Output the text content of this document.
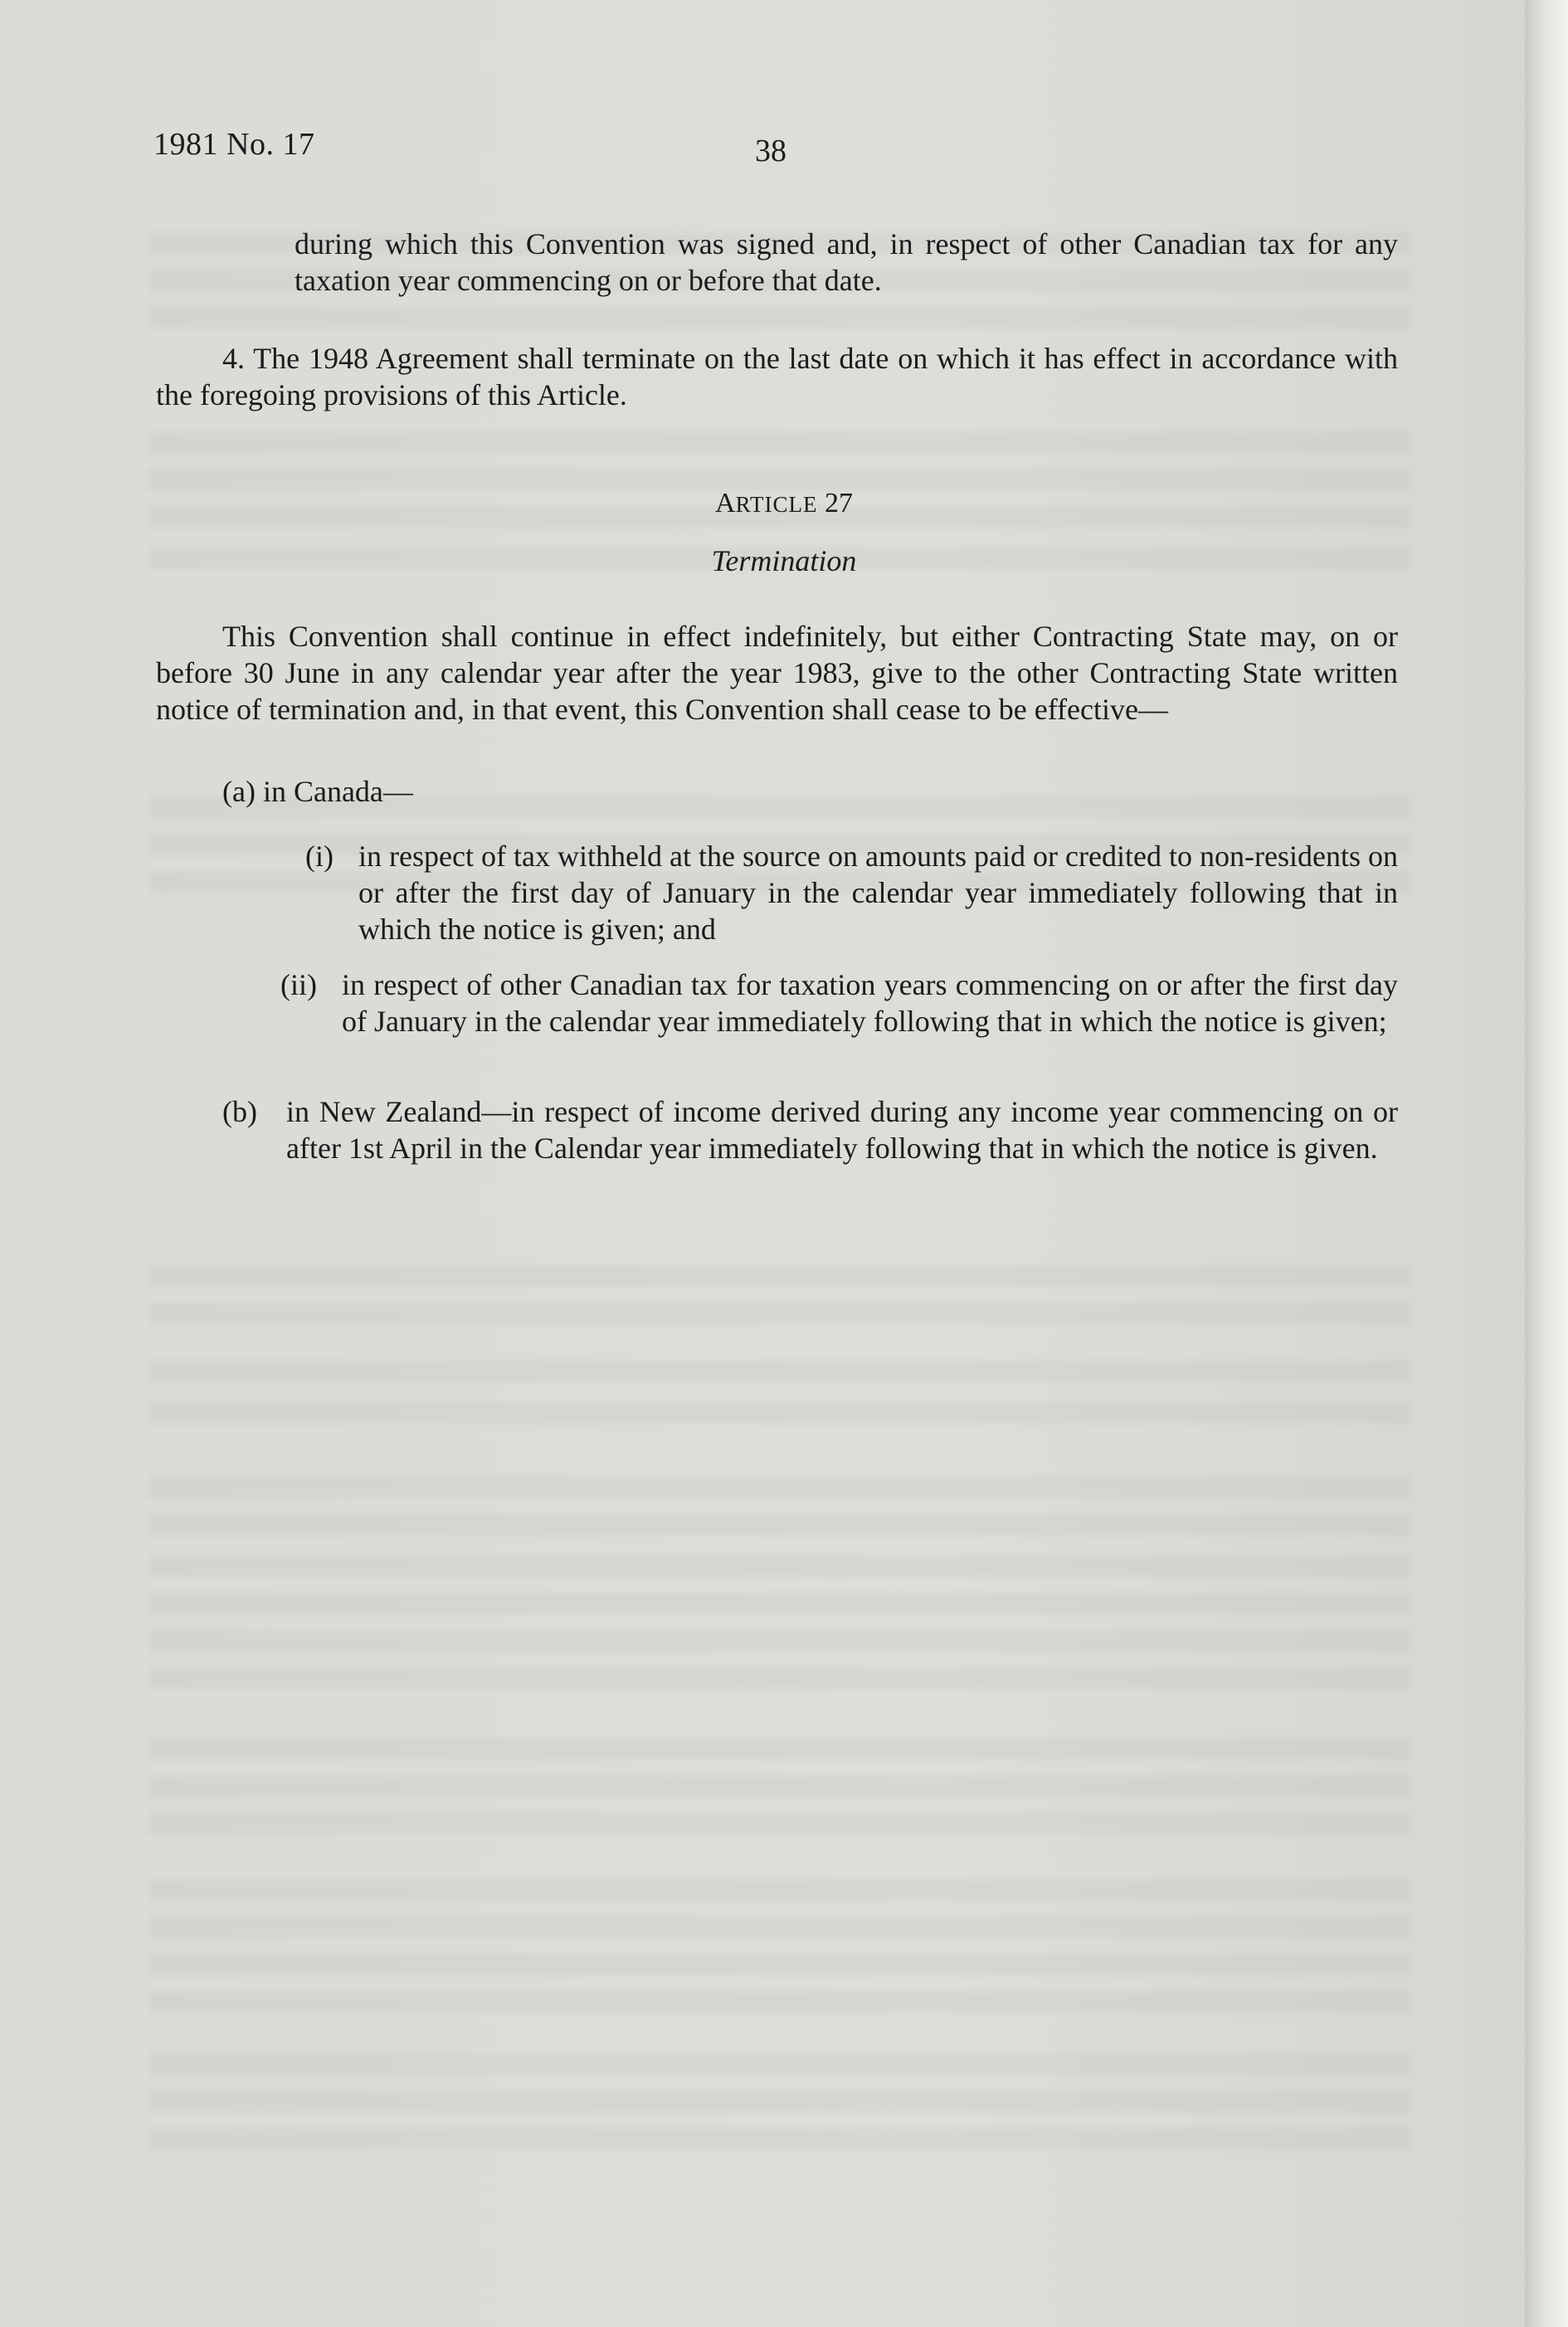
1981 No. 17	38
during which this Convention was signed and, in respect of other Canadian tax for any taxation year commencing on or before that date.
4. The 1948 Agreement shall terminate on the last date on which it has effect in accordance with the foregoing provisions of this Article.
ARTICLE 27
Termination
This Convention shall continue in effect indefinitely, but either Contracting State may, on or before 30 June in any calendar year after the year 1983, give to the other Contracting State written notice of termination and, in that event, this Convention shall cease to be effective—
(a) in Canada—
(i) in respect of tax withheld at the source on amounts paid or credited to non-residents on or after the first day of January in the calendar year immediately following that in which the notice is given; and
(ii) in respect of other Canadian tax for taxation years commencing on or after the first day of January in the calendar year immediately following that in which the notice is given;
(b) in New Zealand—in respect of income derived during any income year commencing on or after 1st April in the Calendar year immediately following that in which the notice is given.
